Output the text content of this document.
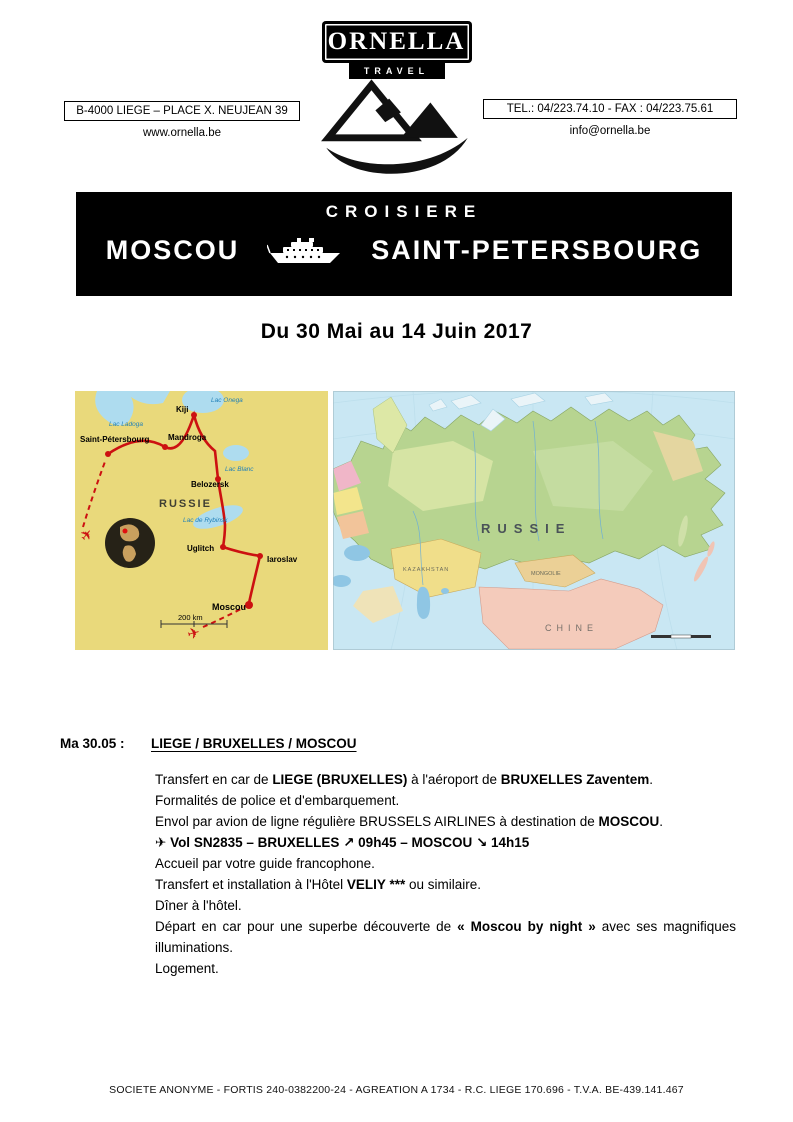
ORNELLA
TRAVEL
B-4000 LIEGE – PLACE X. NEUJEAN 39
www.ornella.be
TEL.: 04/223.74.10 - FAX : 04/223.75.61
info@ornella.be
CROISIERE
MOSCOU	SAINT-PETERSBOURG
Du 30 Mai au 14 Juin 2017
✈
✈
Saint-Pétersbourg
Lac Ladoga
Kiji
Lac Onega
Mandroga
Lac Blanc
Belozersk
RUSSIE
Lac de Rybinsk
Uglitch
Iaroslav
Moscou
200 km
RUSSIE
KAZAKHSTAN
MONGOLIE
CHINE
Ma 30.05 :	LIEGE / BRUXELLES / MOSCOU
Transfert en car de LIEGE (BRUXELLES) à l'aéroport de BRUXELLES Zaventem.
Formalités de police et d'embarquement.
Envol par avion de ligne régulière BRUSSELS AIRLINES à destination de MOSCOU.
✈ Vol SN2835 – BRUXELLES ↗ 09h45 – MOSCOU ↘ 14h15
Accueil par votre guide francophone.
Transfert et installation à l'Hôtel VELIY *** ou similaire.
Dîner à l'hôtel.
Départ en car pour une superbe découverte de « Moscou by night » avec ses magnifiques illuminations.
Logement.
SOCIETE ANONYME - FORTIS 240-0382200-24 - AGREATION A 1734 - R.C. LIEGE 170.696 - T.V.A. BE-439.141.467
